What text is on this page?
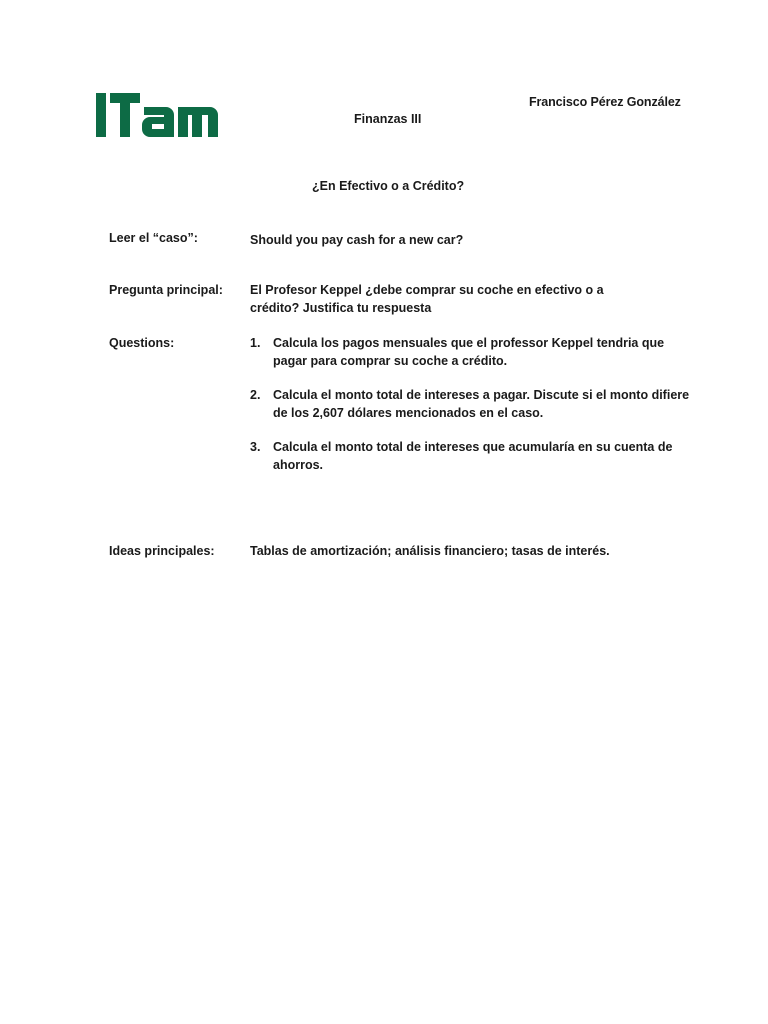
Francisco Pérez González
Finanzas III
¿En Efectivo o a Crédito?
Leer el “caso”:	Should you pay cash for a new car?
Pregunta principal: El Profesor Keppel ¿debe comprar su coche en efectivo o a crédito? Justifica tu respuesta
Questions:	1. Calcula los pagos mensuales que el professor Keppel tendria que pagar para comprar su coche a crédito.
2. Calcula el monto total de intereses a pagar. Discute si el monto difiere de los 2,607 dólares mencionados en el caso.
3. Calcula el monto total de intereses que acumularía en su cuenta de ahorros.
Ideas principales:	Tablas de amortización; análisis financiero; tasas de interés.
